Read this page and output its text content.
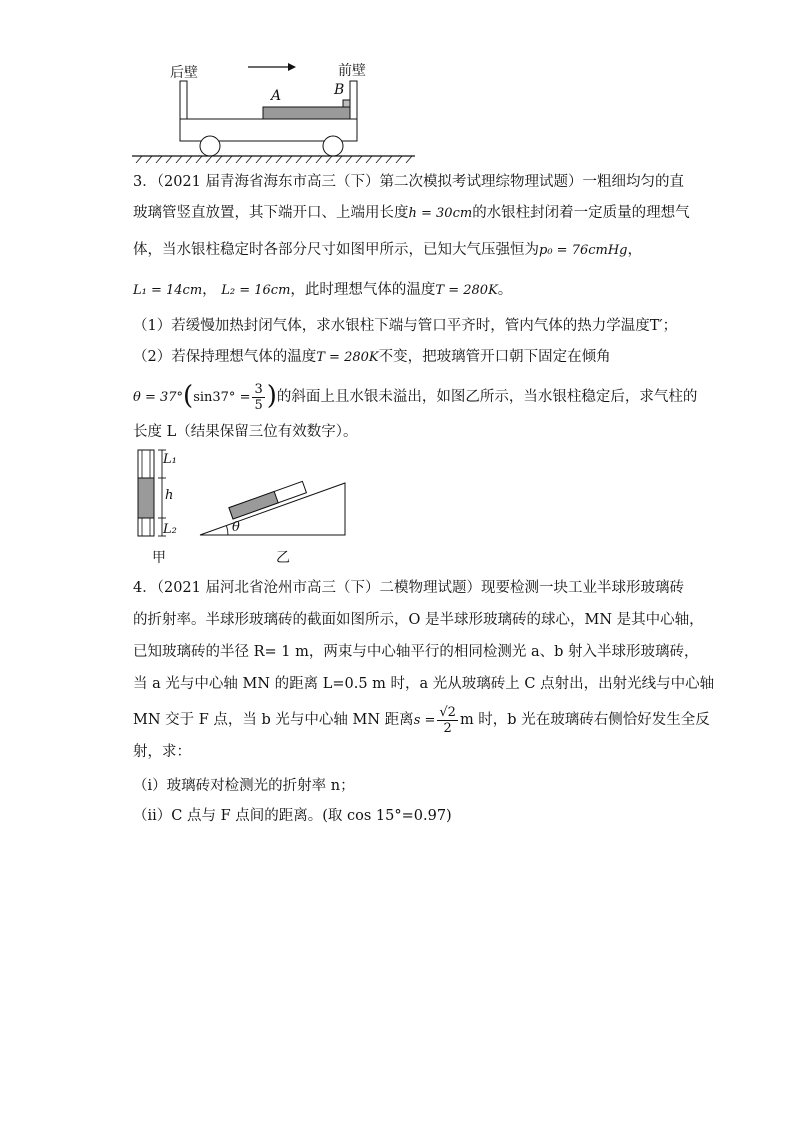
后壁	前壁
A	B
3．（2021 届青海省海东市高三（下）第二次模拟考试理综物理试题）一粗细均匀的直
玻璃管竖直放置，其下端开口、上端用长度h = 30cm的水银柱封闭着一定质量的理想气
体，当水银柱稳定时各部分尺寸如图甲所示，已知大气压强恒为p₀ = 76cmHg，
L₁ = 14cm， L₂ = 16cm，此时理想气体的温度T = 280K。
（1）若缓慢加热封闭气体，求水银柱下端与管口平齐时，管内气体的热力学温度T′；
（2）若保持理想气体的温度T = 280K不变，把玻璃管开口朝下固定在倾角
$\theta = 37^\circ(\sin 37^\circ = \frac{3}{5}$ )的斜面上且水银未溢出，如图乙所示，当水银柱稳定后，求气柱的
长度 L（结果保留三位有效数字）。
L₁
h
L₂	θ
甲	乙
4．（2021 届河北省沧州市高三（下）二模物理试题）现要检测一块工业半球形玻璃砖
的折射率。半球形玻璃砖的截面如图所示，O 是半球形玻璃砖的球心，MN 是其中心轴，
已知玻璃砖的半径 R= 1 m，两束与中心轴平行的相同检测光 a、b 射入半球形玻璃砖，
当 a 光与中心轴 MN 的距离 L=0.5 m 时，a 光从玻璃砖上 C 点射出，出射光线与中心轴
MN 交于 F 点，当 b 光与中心轴 MN 距离$s = \frac{√2}{2}$ m 时，b 光在玻璃砖右侧恰好发生全反
射，求：
（i）玻璃砖对检测光的折射率 n；
（ii）C 点与 F 点间的距离。(取 cos 15°=0.97)
